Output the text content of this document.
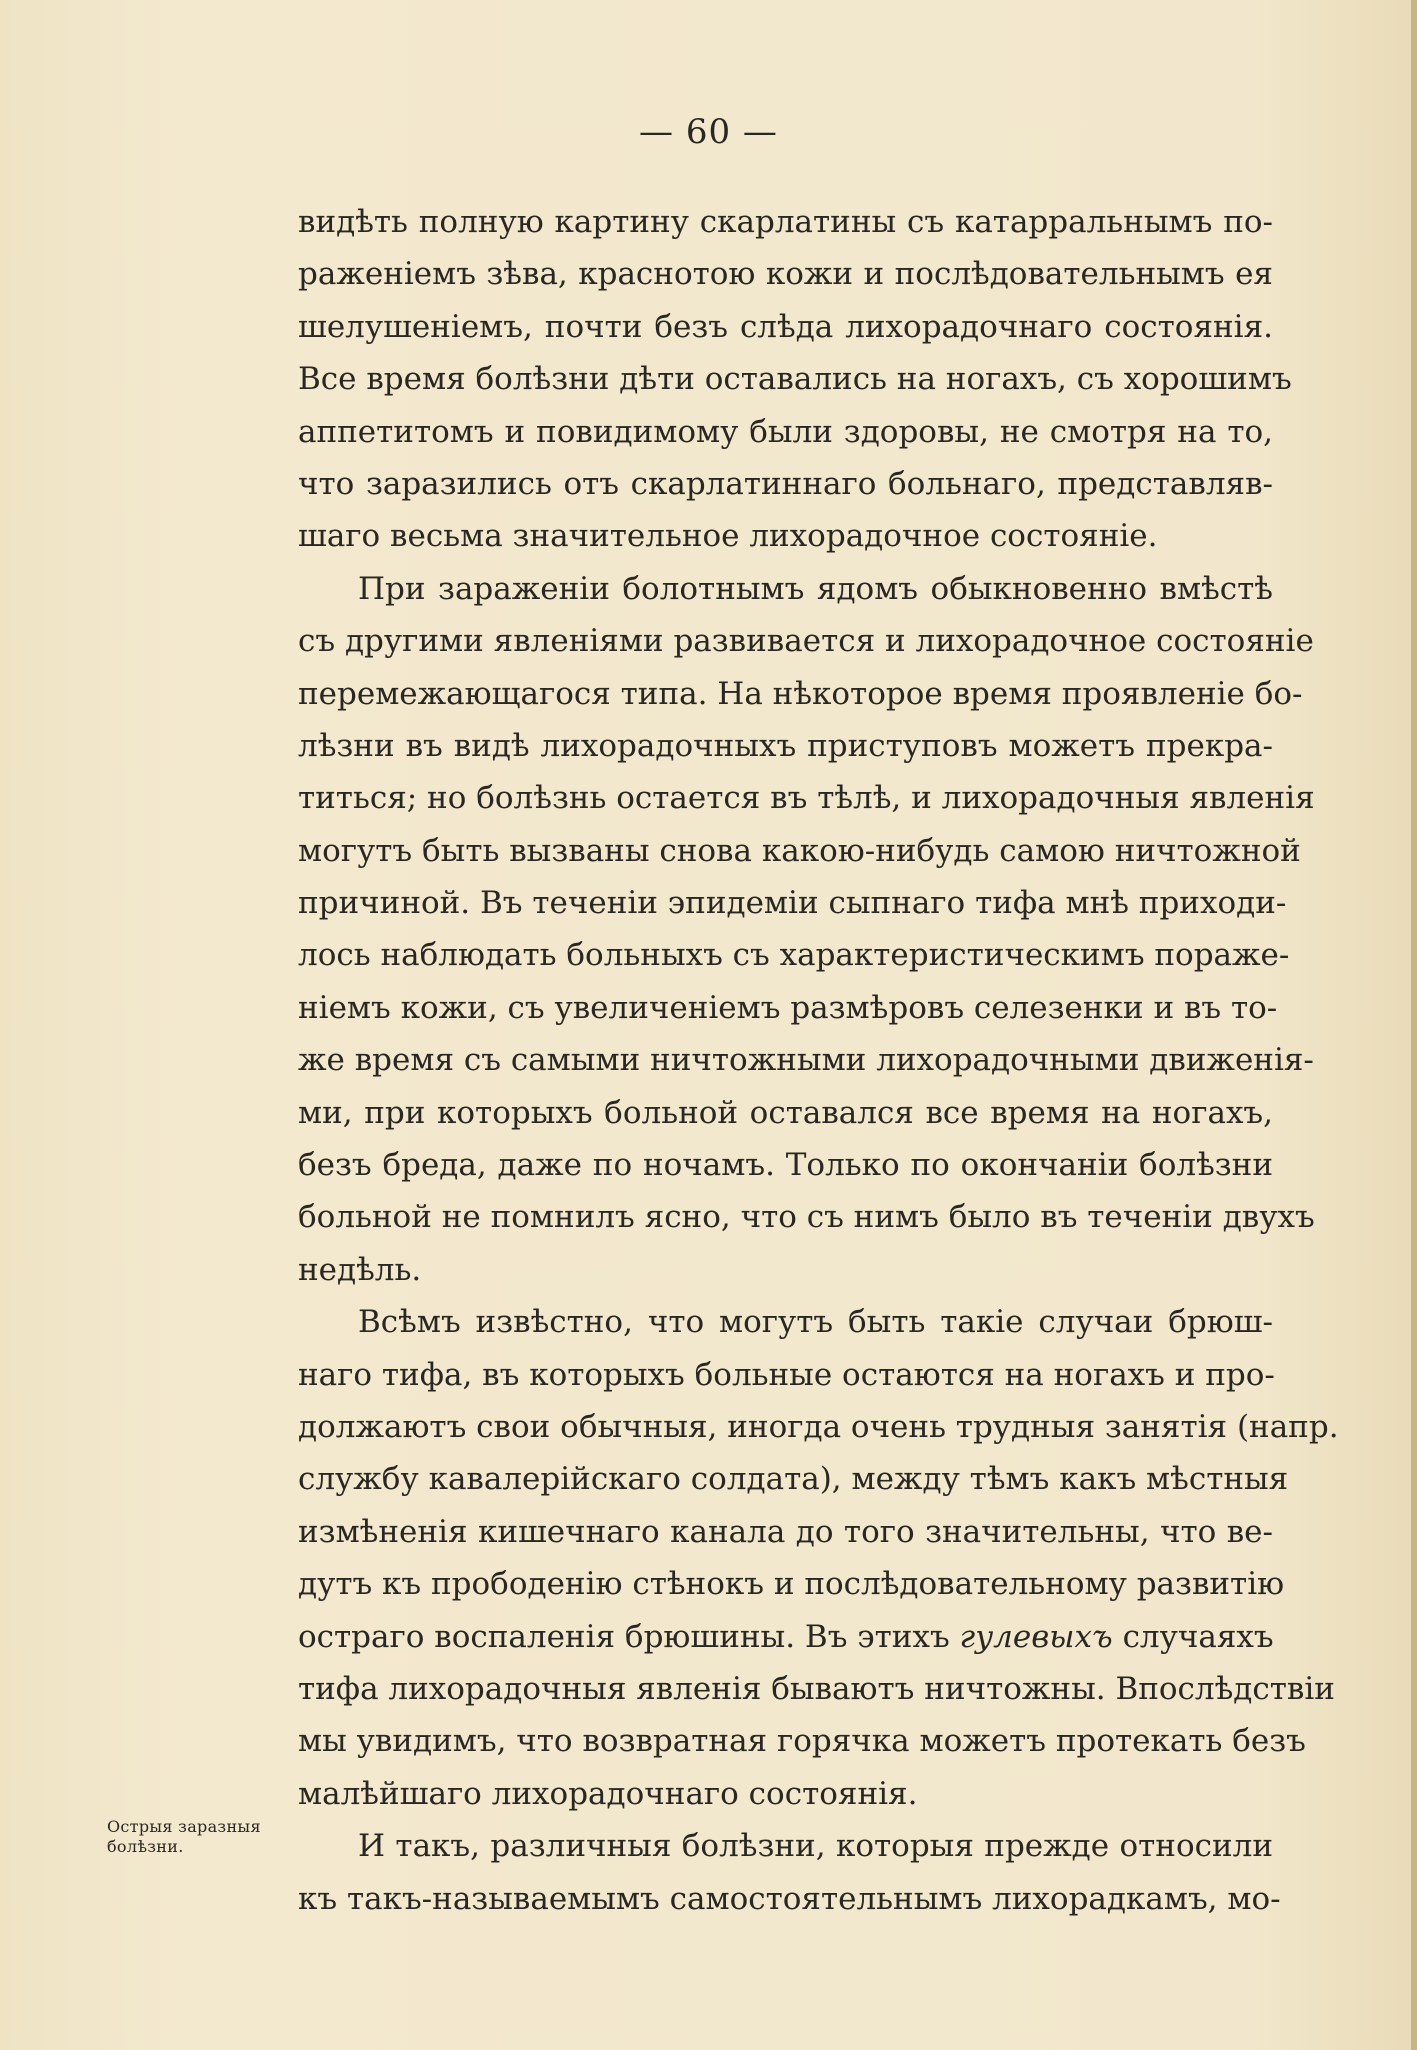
— 60 —
видѣть полную картину скарлатины съ катарральнымъ по-
раженіемъ зѣва, краснотою кожи и послѣдовательнымъ ея
шелушеніемъ, почти безъ слѣда лихорадочнаго состоянія.
Все время болѣзни дѣти оставались на ногахъ, съ хорошимъ
аппетитомъ и повидимому были здоровы, не смотря на то,
что заразились отъ скарлатиннаго больнаго, представляв-
шаго весьма значительное лихорадочное состояніе.
При зараженіи болотнымъ ядомъ обыкновенно вмѣстѣ
съ другими явленіями развивается и лихорадочное состояніе
перемежающагося типа. На нѣкоторое время проявленіе бо-
лѣзни въ видѣ лихорадочныхъ приступовъ можетъ прекра-
титься; но болѣзнь остается въ тѣлѣ, и лихорадочныя явленія
могутъ быть вызваны снова какою-нибудь самою ничтожной
причиной. Въ теченіи эпидеміи сыпнаго тифа мнѣ приходи-
лось наблюдать больныхъ съ характеристическимъ пораже-
ніемъ кожи, съ увеличеніемъ размѣровъ селезенки и въ то-
же время съ самыми ничтожными лихорадочными движенія-
ми, при которыхъ больной оставался все время на ногахъ,
безъ бреда, даже по ночамъ. Только по окончаніи болѣзни
больной не помнилъ ясно, что съ нимъ было въ теченіи двухъ
недѣль.
Всѣмъ извѣстно, что могутъ быть такіе случаи брюш-
наго тифа, въ которыхъ больные остаются на ногахъ и про-
должаютъ свои обычныя, иногда очень трудныя занятія (напр.
службу кавалерійскаго солдата), между тѣмъ какъ мѣстныя
измѣненія кишечнаго канала до того значительны, что ве-
дутъ къ прободенію стѣнокъ и послѣдовательному развитію
остраго воспаленія брюшины. Въ этихъ гулевыхъ случаяхъ
тифа лихорадочныя явленія бываютъ ничтожны. Впослѣдствіи
мы увидимъ, что возвратная горячка можетъ протекать безъ
малѣйшаго лихорадочнаго состоянія.
И такъ, различныя болѣзни, которыя прежде относили
къ такъ-называемымъ самостоятельнымъ лихорадкамъ, мо-
Острыя заразныя болѣзни.
